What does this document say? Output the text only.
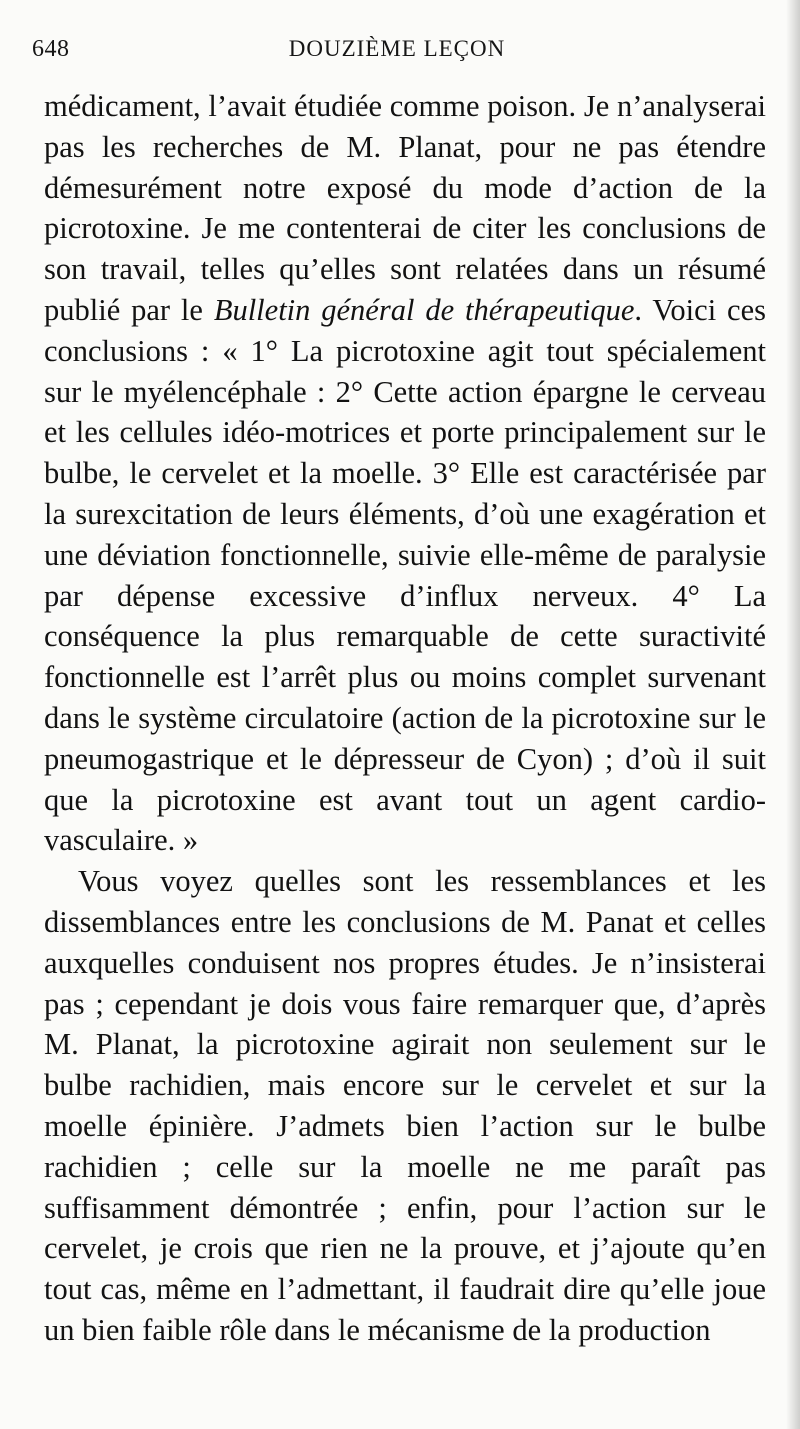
648	DOUZIÈME LEÇON

médicament, l’avait étudiée comme poison. Je n’analyserai pas les recherches de M. Planat, pour ne pas étendre démesurément notre exposé du mode d’action de la picrotoxine. Je me contenterai de citer les conclusions de son travail, telles qu’elles sont relatées dans un résumé publié par le Bulletin général de thérapeutique. Voici ces conclusions : « 1° La picrotoxine agit tout spécialement sur le myélencéphale : 2° Cette action épargne le cerveau et les cellules idéo-motrices et porte principalement sur le bulbe, le cervelet et la moelle. 3° Elle est caractérisée par la surexcitation de leurs éléments, d’où une exagération et une déviation fonctionnelle, suivie elle-même de paralysie par dépense excessive d’influx nerveux. 4° La conséquence la plus remarquable de cette suractivité fonctionnelle est l’arrêt plus ou moins complet survenant dans le système circulatoire (action de la picrotoxine sur le pneumogastrique et le dépresseur de Cyon) ; d’où il suit que la picrotoxine est avant tout un agent cardio-vasculaire. »

Vous voyez quelles sont les ressemblances et les dissemblances entre les conclusions de M. Panat et celles auxquelles conduisent nos propres études. Je n’insisterai pas ; cependant je dois vous faire remarquer que, d’après M. Planat, la picrotoxine agirait non seulement sur le bulbe rachidien, mais encore sur le cervelet et sur la moelle épinière. J’admets bien l’action sur le bulbe rachidien ; celle sur la moelle ne me paraît pas suffisamment démontrée ; enfin, pour l’action sur le cervelet, je crois que rien ne la prouve, et j’ajoute qu’en tout cas, même en l’admettant, il faudrait dire qu’elle joue un bien faible rôle dans le mécanisme de la production
